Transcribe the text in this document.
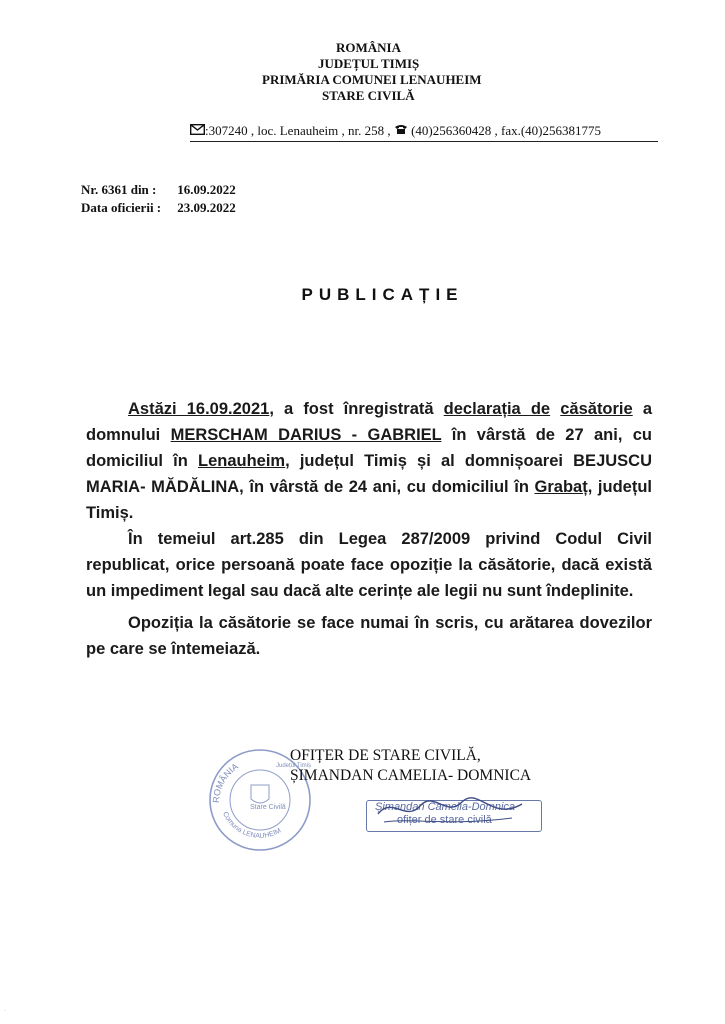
ROMÂNIA
JUDEȚUL TIMIȘ
PRIMĂRIA COMUNEI LENAUHEIM
STARE CIVILĂ
:307240 , loc. Lenauheim , nr. 258 ,  (40)256360428 , fax.(40)256381775
Nr. 6361 din : 16.09.2022
Data oficierii : 23.09.2022
PUBLICAȚIE

Astăzi 16.09.2021, a fost înregistrată declarația de căsătorie a domnului MERSCHAM DARIUS - GABRIEL în vârstă de 27 ani, cu domiciliul în Lenauheim, județul Timiș și al domnișoarei BEJUSCU MARIA- MĂDĂLINA, în vârstă de 24 ani, cu domiciliul în Grabaț, județul Timiș.

În temeiul art.285 din Legea 287/2009 privind Codul Civil republicat, orice persoană poate face opoziție la căsătorie, dacă există un impediment legal sau dacă alte cerințe ale legii nu sunt îndeplinite.

Opoziția la căsătorie se face numai în scris, cu arătarea dovezilor pe care se întemeiază.

ROMÂNIA
Comuna LENAUHEIM
Județul Timiș
Stare Civilă
OFIȚER DE STARE CIVILĂ,
ȘIMANDAN CAMELIA- DOMNICA
Șimandan Camelia-Domnica
ofițer de stare civilă
·
